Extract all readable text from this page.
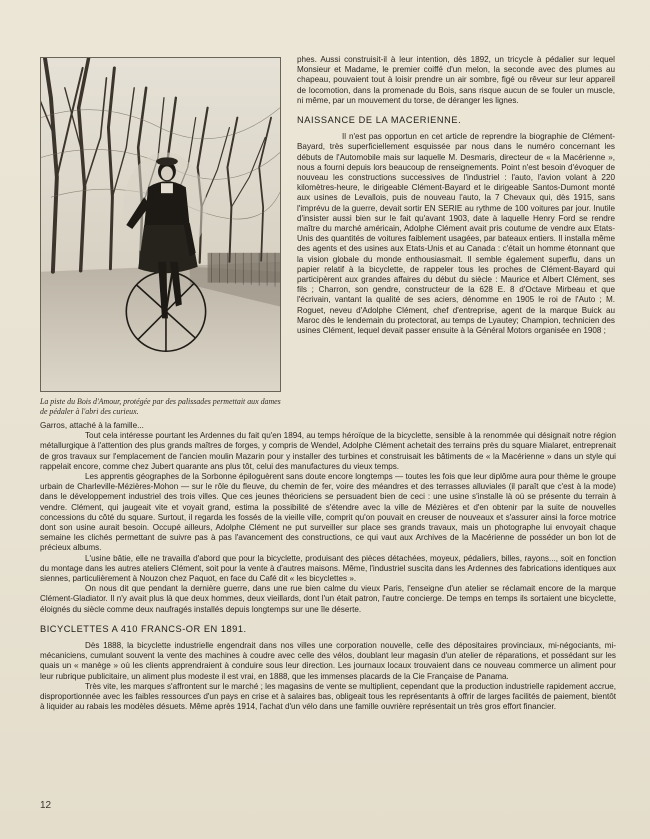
La piste du Bois d'Amour, protégée par des palissades permettait aux dames de pédaler à l'abri des curieux.

phes. Aussi construisit-il à leur intention, dès 1892, un tricycle à pédalier sur lequel Monsieur et Madame, le premier coiffé d'un melon, la seconde avec des plumes au chapeau, pouvaient tout à loisir prendre un air sombre, figé ou rêveur sur leur appareil de locomotion, dans la promenade du Bois, sans risque aucun de se fouler un muscle, ni même, par un mouvement du torse, de déranger les lignes.

NAISSANCE DE LA MACERIENNE.

Il n'est pas opportun en cet article de reprendre la biographie de Clément-Bayard, très superficiellement esquissée par nous dans le numéro concernant les débuts de l'Automobile mais sur laquelle M. Desmaris, directeur de « la Macérienne », nous a fourni depuis lors beaucoup de renseignements. Point n'est besoin d'évoquer de nouveau les constructions successives de l'industriel : l'auto, l'avion volant à 220 kilomètres-heure, le dirigeable Clément-Bayard et le dirigeable Santos-Dumont monté aux usines de Levallois, puis de nouveau l'auto, la 7 Chevaux qui, dès 1915, sans l'imprévu de la guerre, devait sortir EN SERIE au rythme de 100 voitures par jour. Inutile d'insister aussi bien sur le fait qu'avant 1903, date à laquelle Henry Ford se rendre maître du marché américain, Adolphe Clément avait pris coutume de vendre aux Etats-Unis des quantités de voitures faiblement usagées, par bateaux entiers. Il installa même des agents et des usines aux Etats-Unis et au Canada : c'était un homme étonnant que la vision globale du monde enthousiasmait. Il semble également superflu, dans un papier relatif à la bicyclette, de rappeler tous les proches de Clément-Bayard qui participèrent aux grandes affaires du début du siècle : Maurice et Albert Clément, ses fils ; Charron, son gendre, constructeur de la 628 E. 8 d'Octave Mirbeau et que l'écrivain, vantant la qualité de ses aciers, dénomme en 1905 le roi de l'Auto ; M. Roguet, neveu d'Adolphe Clément, chef d'entreprise, agent de la marque Buick au Maroc dès le lendemain du protectorat, au temps de Lyautey; Champion, technicien des usines Clément, lequel devait passer ensuite à la Général Motors organisée en 1908 ;

Garros, attaché à la famille...

Tout cela intéresse pourtant les Ardennes du fait qu'en 1894, au temps héroïque de la bicyclette, sensible à la renommée qui désignait notre région métallurgique à l'attention des plus grands maîtres de forges, y compris de Wendel, Adolphe Clément achetait des terrains près du square Mialaret, entreprenait de gros travaux sur l'emplacement de l'ancien moulin Mazarin pour y installer des turbines et construisait les bâtiments de « la Macérienne » dans un style qui rappelait encore, comme chez Jubert quarante ans plus tôt, celui des manufactures du vieux temps.

Les apprentis géographes de la Sorbonne épiloguèrent sans doute encore longtemps — toutes les fois que leur diplôme aura pour thème le groupe urbain de Charleville-Mézières-Mohon — sur le rôle du fleuve, du chemin de fer, voire des méandres et des terrasses alluviales (il paraît que c'est à la mode) dans le développement industriel des trois villes. Que ces jeunes théoriciens se persuadent bien de ceci : une usine s'installe là où se présente du terrain à vendre. Clément, qui jaugeait vite et voyait grand, estima la possibilité de s'étendre avec la ville de Mézières et d'en obtenir par la suite de nouvelles concessions du côté du square. Surtout, il regarda les fossés de la vieille ville, comprit qu'on pouvait en creuser de nouveaux et s'assurer ainsi la force motrice dont son usine aurait besoin. Occupé ailleurs, Adolphe Clément ne put surveiller sur place ses grands travaux, mais un photographe lui envoyait chaque semaine les clichés permettant de suivre pas à pas l'avancement des constructions, ce qui vaut aux Archives de la Macérienne de posséder un bon lot de précieux albums.

L'usine bâtie, elle ne travailla d'abord que pour la bicyclette, produisant des pièces détachées, moyeux, pédaliers, billes, rayons..., soit en fonction du montage dans les autres ateliers Clément, soit pour la vente à d'autres maisons. Même, l'industriel suscita dans les Ardennes des fabrications identiques aux siennes, particulièrement à Nouzon chez Paquot, en face du Café dit « les bicyclettes ».

On nous dit que pendant la dernière guerre, dans une rue bien calme du vieux Paris, l'enseigne d'un atelier se réclamait encore de la marque Clément-Gladiator. Il n'y avait plus là que deux hommes, deux vieillards, dont l'un était patron, l'autre concierge. De temps en temps ils sortaient une bicyclette, éloignés du siècle comme deux naufragés installés depuis longtemps sur une île déserte.

BICYCLETTES A 410 FRANCS-OR EN 1891.

Dès 1888, la bicyclette industrielle engendrait dans nos villes une corporation nouvelle, celle des dépositaires provinciaux, mi-négociants, mi-mécaniciens, cumulant souvent la vente des machines à coudre avec celle des vélos, doublant leur magasin d'un atelier de réparations, et possédant sur les quais un « manège » où les clients apprendraient à conduire sous leur direction. Les journaux locaux trouvaient dans ce nouveau commerce un aliment pour leur rubrique publicitaire, un aliment plus modeste il est vrai, en 1888, que les immenses placards de la Cie Française de Panama.

Très vite, les marques s'affrontent sur le marché ; les magasins de vente se multiplient, cependant que la production industrielle rapidement accrue, disproportionnée avec les faibles ressources d'un pays en crise et à salaires bas, obligeait tous les représentants à offrir de larges facilités de paiement, bientôt à liquider au rabais les modèles désuets. Même après 1914, l'achat d'un vélo dans une famille ouvrière représentait un très gros effort financier.

12
